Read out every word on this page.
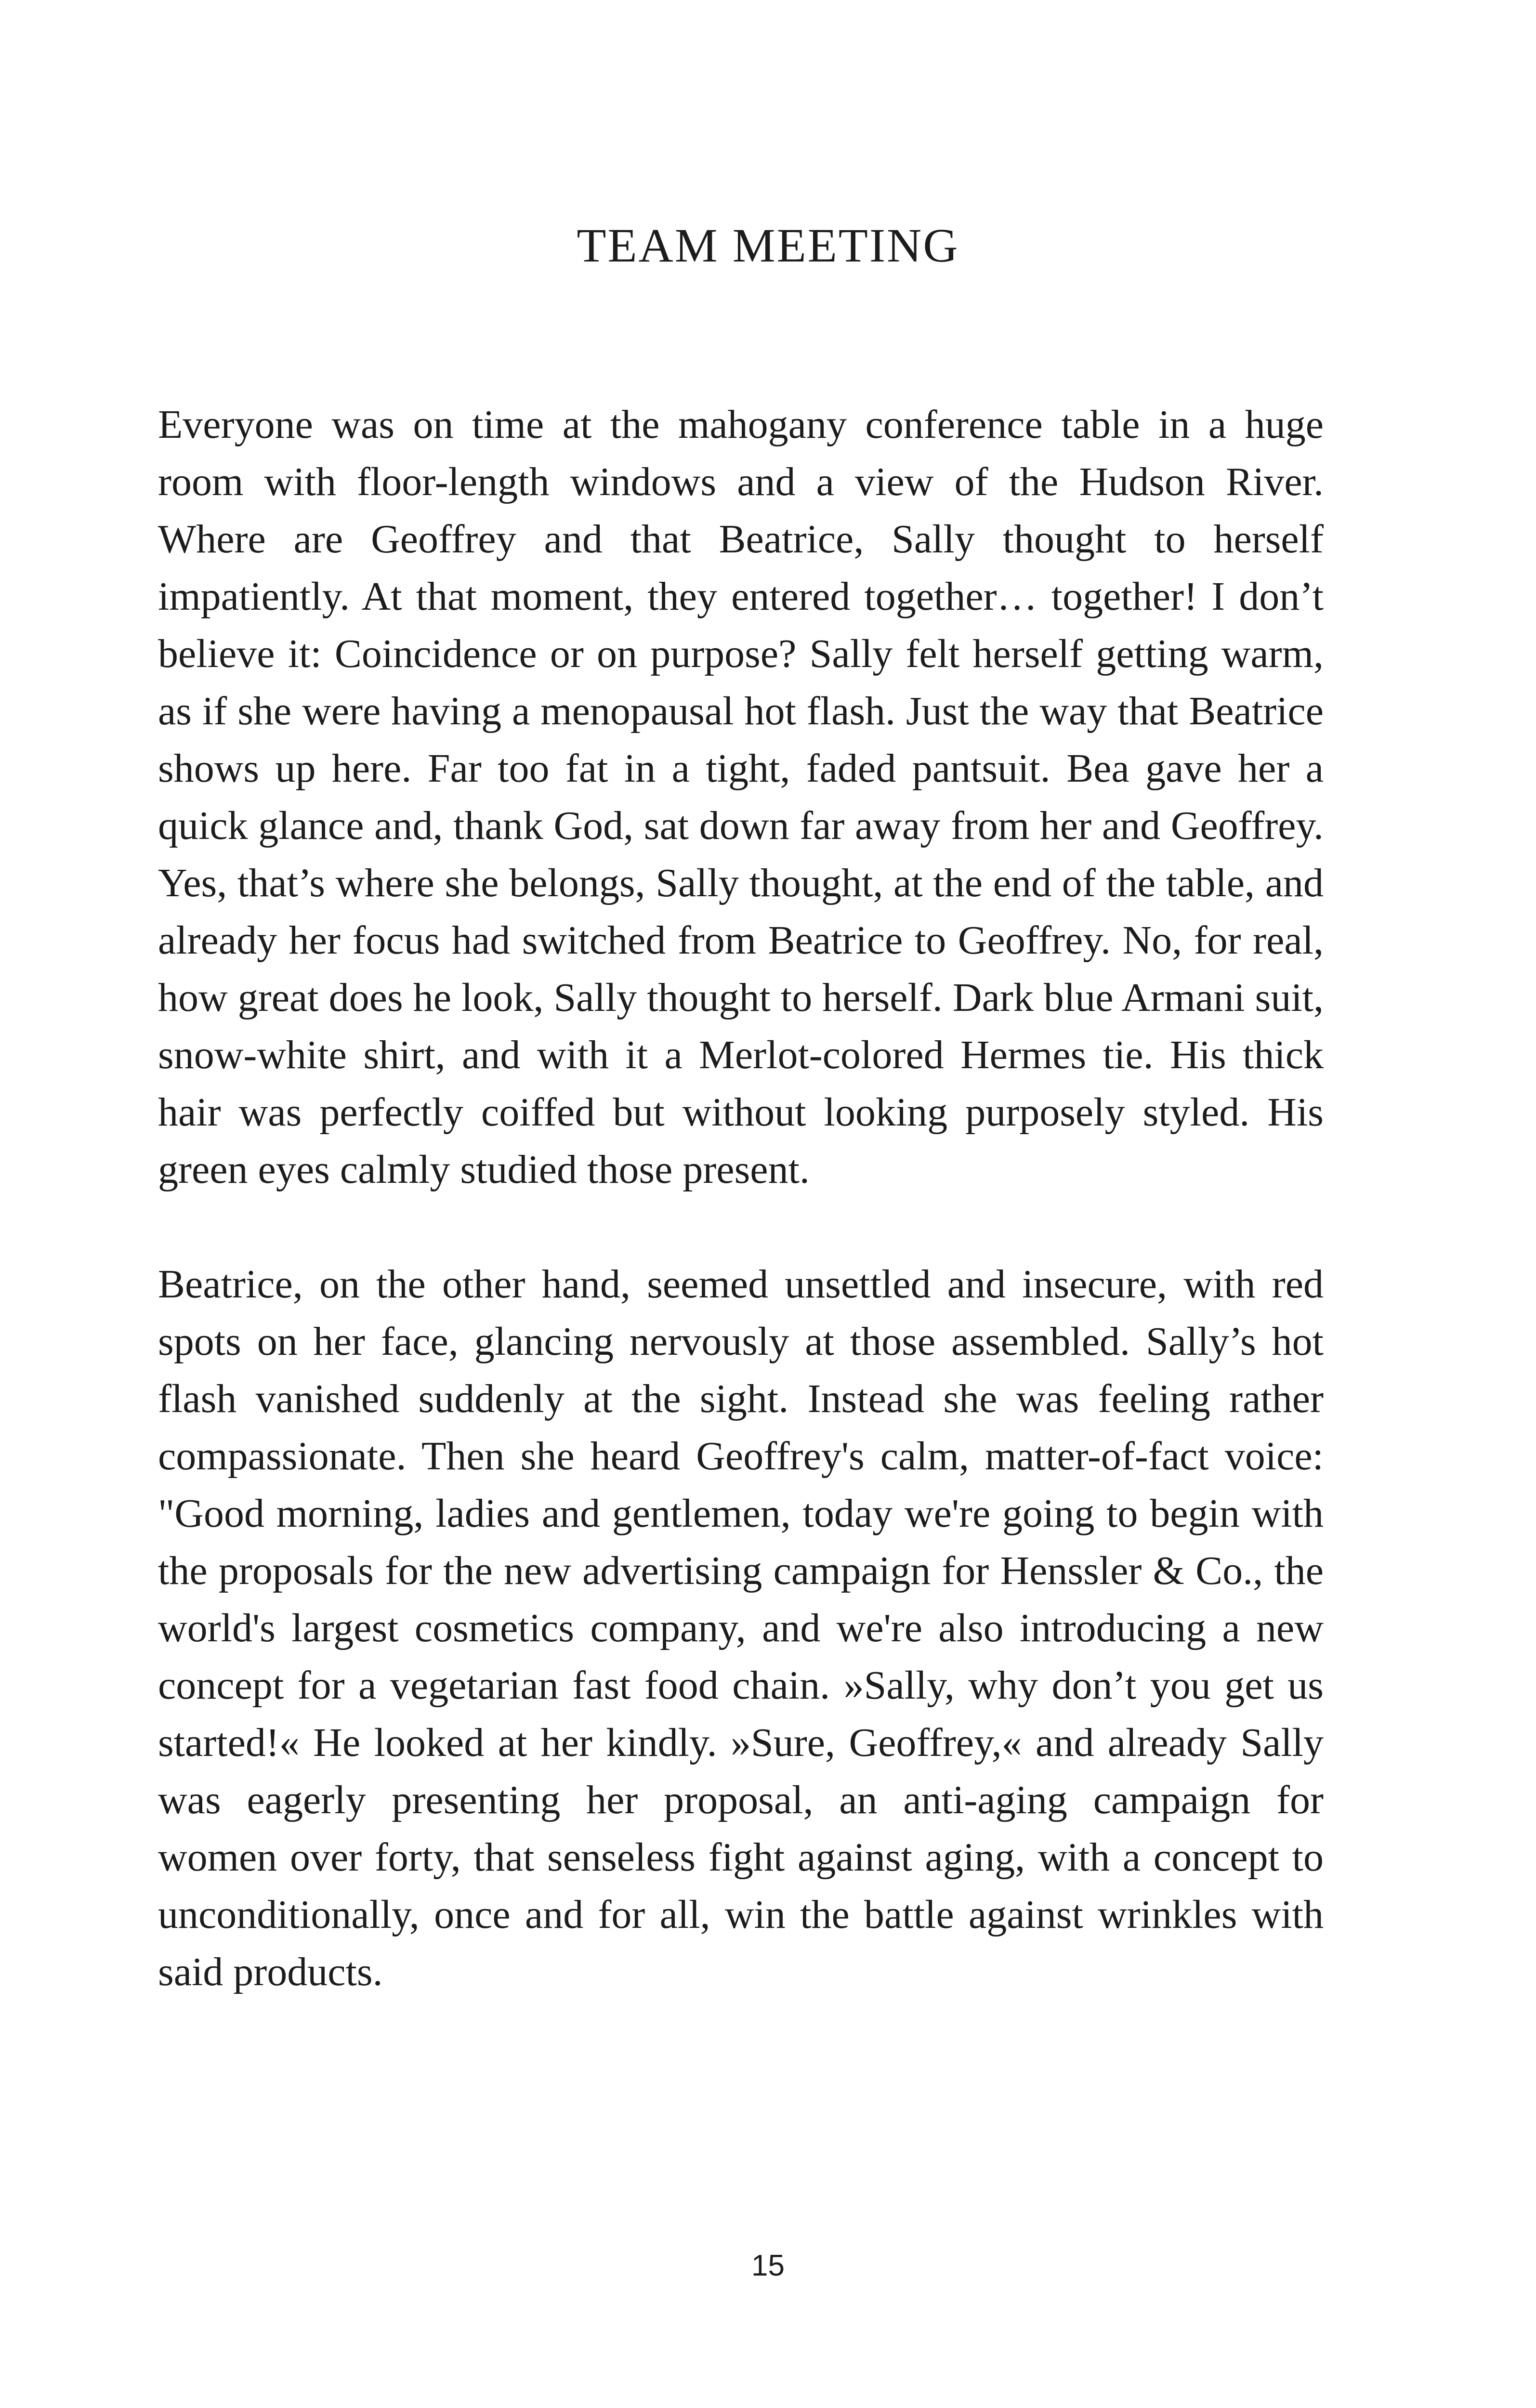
TEAM MEETING

Everyone was on time at the mahogany conference table in a huge room with floor-length windows and a view of the Hudson River. Where are Geoffrey and that Beatrice, Sally thought to herself impatiently. At that moment, they entered together… together! I don’t believe it: Coincidence or on purpose? Sally felt herself getting warm, as if she were having a menopausal hot flash. Just the way that Beatrice shows up here. Far too fat in a tight, faded pantsuit. Bea gave her a quick glance and, thank God, sat down far away from her and Geoffrey. Yes, that’s where she belongs, Sally thought, at the end of the table, and already her focus had switched from Beatrice to Geoffrey. No, for real, how great does he look, Sally thought to herself. Dark blue Armani suit, snow-white shirt, and with it a Merlot-colored Hermes tie. His thick hair was perfectly coiffed but without looking purposely styled. His green eyes calmly studied those present.

Beatrice, on the other hand, seemed unsettled and insecure, with red spots on her face, glancing nervously at those assembled. Sally’s hot flash vanished suddenly at the sight. Instead she was feeling rather compassionate. Then she heard Geoffrey's calm, matter-of-fact voice: "Good morning, ladies and gentlemen, today we're going to begin with the proposals for the new advertising campaign for Henssler & Co., the world's largest cosmetics company, and we're also introducing a new concept for a vegetarian fast food chain. »Sally, why don’t you get us started!« He looked at her kindly. »Sure, Geoffrey,« and already Sally was eagerly presenting her proposal, an anti-aging campaign for women over forty, that senseless fight against aging, with a concept to unconditionally, once and for all, win the battle against wrinkles with said products.

15
